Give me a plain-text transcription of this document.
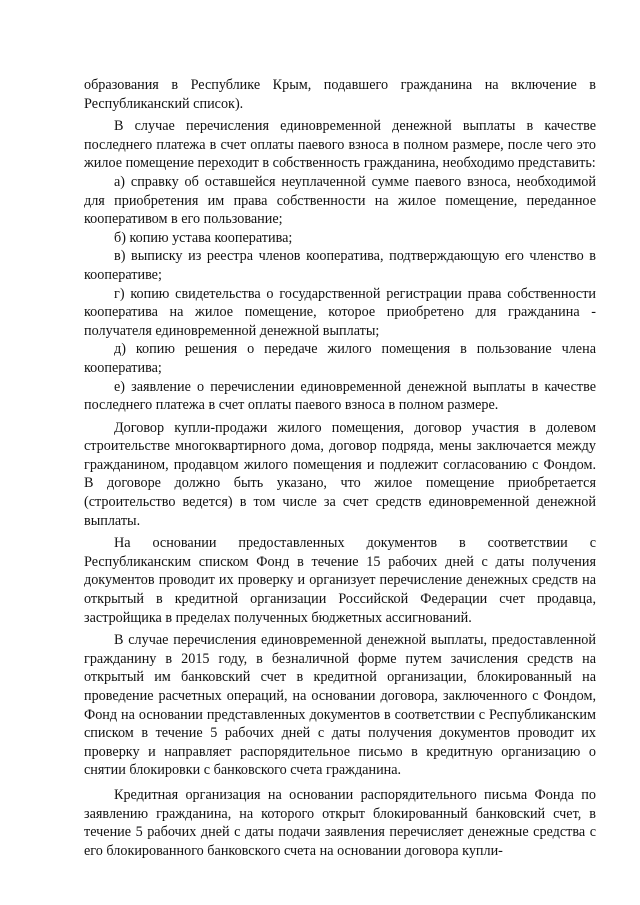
образования в Республике Крым, подавшего гражданина на включение в Республиканский список).

В случае перечисления единовременной денежной выплаты в качестве последнего платежа в счет оплаты паевого взноса в полном размере, после чего это жилое помещение переходит в собственность гражданина, необходимо представить:

а) справку об оставшейся неуплаченной сумме паевого взноса, необходимой для приобретения им права собственности на жилое помещение, переданное кооперативом в его пользование;

б) копию устава кооператива;

в) выписку из реестра членов кооператива, подтверждающую его членство в кооперативе;

г) копию свидетельства о государственной регистрации права собственности кооператива на жилое помещение, которое приобретено для гражданина - получателя единовременной денежной выплаты;

д) копию решения о передаче жилого помещения в пользование члена кооператива;

е) заявление о перечислении единовременной денежной выплаты в качестве последнего платежа в счет оплаты паевого взноса в полном размере.

Договор купли-продажи жилого помещения, договор участия в долевом строительстве многоквартирного дома, договор подряда, мены заключается между гражданином, продавцом жилого помещения и подлежит согласованию с Фондом. В договоре должно быть указано, что жилое помещение приобретается (строительство ведется) в том числе за счет средств единовременной денежной выплаты.

На основании предоставленных документов в соответствии с Республиканским списком Фонд в течение 15 рабочих дней с даты получения документов проводит их проверку и организует перечисление денежных средств на открытый в кредитной организации Российской Федерации счет продавца, застройщика в пределах полученных бюджетных ассигнований.

В случае перечисления единовременной денежной выплаты, предоставленной гражданину в 2015 году, в безналичной форме путем зачисления средств на открытый им банковский счет в кредитной организации, блокированный на проведение расчетных операций, на основании договора, заключенного с Фондом, Фонд на основании представленных документов в соответствии с Республиканским списком в течение 5 рабочих дней с даты получения документов проводит их проверку и направляет распорядительное письмо в кредитную организацию о снятии блокировки с банковского счета гражданина.

Кредитная организация на основании распорядительного письма Фонда по заявлению гражданина, на которого открыт блокированный банковский счет, в течение 5 рабочих дней с даты подачи заявления перечисляет денежные средства с его блокированного банковского счета на основании договора купли-
